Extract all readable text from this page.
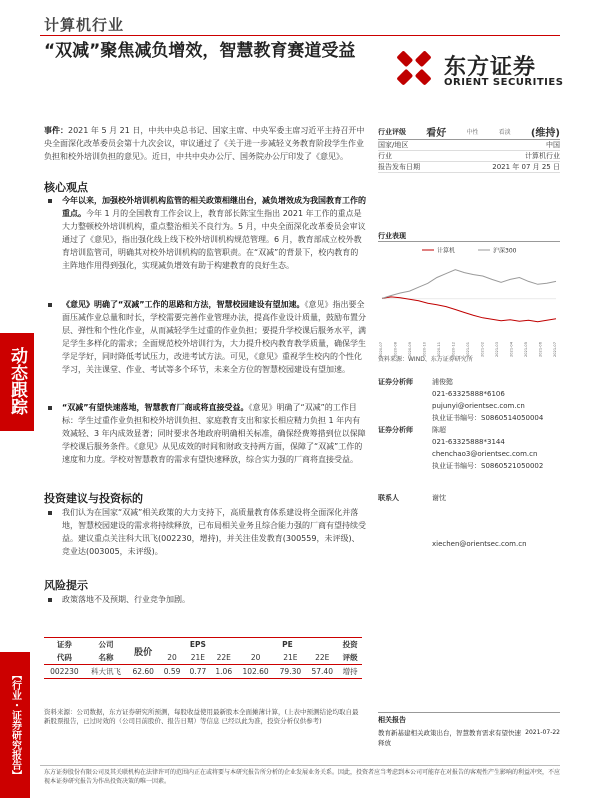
计算机行业
“双减”聚焦减负增效，智慧教育赛道受益
东方证券
ORIENT SECURITIES
动态跟踪
【行业・证券研究报告】
事件：2021 年 5 月 21 日，中共中央总书记、国家主席、中央军委主席习近平主持召开中央全面深化改革委员会第十九次会议，审议通过了《关于进一步减轻义务教育阶段学生作业负担和校外培训负担的意见》。近日，中共中央办公厅、国务院办公厅印发了《意见》。
核心观点
今年以来，加强校外培训机构监管的相关政策相继出台，减负增效成为我国教育工作的重点。今年 1 月的全国教育工作会议上，教育部长陈宝生指出 2021 年工作的重点是大力整顿校外培训机构，重点整治相关不良行为。5 月，中央全面深化改革委员会审议通过了《意见》，指出强化线上线下校外培训机构规范管理。6 月，教育部成立校外教育培训监管司，明确其对校外培训机构的监管职责。在“双减”的背景下，校内教育的主阵地作用得到强化，实现减负增效有助于构建教育的良好生态。
《意见》明确了“双减”工作的思路和方法，智慧校园建设有望加速。《意见》指出要全面压减作业总量和时长，学校需要完善作业管理办法，提高作业设计质量，鼓励布置分层、弹性和个性化作业，从而减轻学生过重的作业负担；要提升学校课后服务水平，满足学生多样化的需求；全面规范校外培训行为，大力提升校内教育教学质量，确保学生学足学好，同时降低考试压力，改进考试方法。可见，《意见》重视学生校内的个性化学习，关注课堂、作业、考试等多个环节，未来全方位的智慧校园建设有望加速。
“双减”有望快速落地，智慧教育厂商或将直接受益。《意见》明确了“双减”的工作目标：学生过重作业负担和校外培训负担、家庭教育支出和家长相应精力负担 1 年内有效减轻、3 年内成效显著；同时要求各地政府明确相关标准，确保经费筹措到位以保障学校课后服务条件。《意见》从见成效的时间和财政支持两方面，保障了“双减”工作的速度和力度。学校对智慧教育的需求有望快速释放，综合实力强的厂商将直接受益。
投资建议与投资标的
我们认为在国家“双减”相关政策的大力支持下，高质量教育体系建设将全面深化并落地，智慧校园建设的需求将持续释放，已布局相关业务且综合能力强的厂商有望持续受益。建议重点关注科大讯飞(002230，增持)，并关注佳发教育(300559，未评级)、竞业达(003005，未评级)。
风险提示
政策落地不及预期、行业竞争加剧。
证券	公司	股价	EPS			PE			投资
代码	名称		20	21E	22E	20	21E	22E	评级
002230	科大讯飞	62.60	0.59	0.77	1.06	102.60	79.30	57.40	增持
资料来源：公司数据，东方证券研究所预测，每股收益使用最新股本全面摊薄计算，(上表中预测结论均取自最新股票报告，已过时效的（公司目前股价、报告日期）等信息 已经以此为准，投资分析仅供参考)
行业评级 看好	中性	看淡 (维持)
国家/地区	中国
行业	计算机行业
报告发布日期	2021 年 07 月 25 日
行业表现
计算机	沪深300
2020-07	2020-08	2020-09	2020-10	2020-11	2020-12	2021-01	2021-02	2021-03	2021-04	2021-05	2021-06	2021-07
资料来源：WIND、东方证券研究所
证券分析师	浦俊懿
021-63325888*6106
pujunyi@orientsec.com.cn
执业证书编号：S0860514050004
证券分析师	陈超
021-63325888*3144
chenchao3@orientsec.com.cn
执业证书编号：S0860521050002
联系人	谢忱
xiechen@orientsec.com.cn
相关报告
教育新基建相关政策出台，智慧教育需求有望快速释放
2021-07-22
东方证券股份有限公司及其关联机构在法律许可的范围内正在或将要与本研究报告所分析的企业发展业务关系。因此，投资者应当考虑到本公司可能存在对报告的客观性产生影响的利益冲突，不应视本证券研究报告为作出投资决策的唯一因素。
